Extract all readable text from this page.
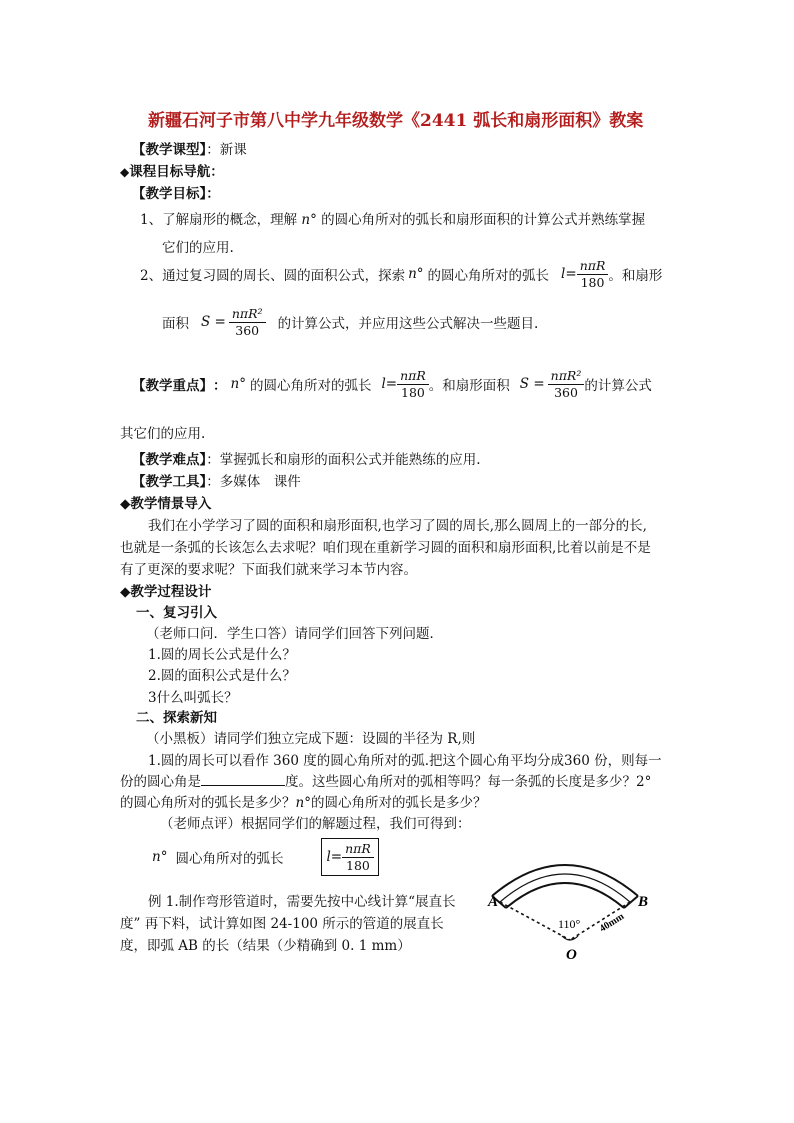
新疆石河子市第八中学九年级数学《2441 弧长和扇形面积》教案
【教学课型】：新课
◆课程目标导航：
【教学目标】：
1、了解扇形的概念，理解 n° 的圆心角所对的弧长和扇形面积的计算公式并熟练掌握
它们的应用.
2、通过复习圆的周长、圆的面积公式，探索 n° 的圆心角所对的弧长 $l= \frac{\text{nπR}}{180}$ 。和扇形
面积 $S = \frac{\text{nπR²}}{360}$ 的计算公式，并应用这些公式解决一些题目.
【教学重点】 ： n° 的圆心角所对的弧长 $l= \frac{\text{nπR}}{180}$ 。和扇形面积 $S = \frac{\text{nπR²}}{360}$ 的计算公式
其它们的应用.
【教学难点】：掌握弧长和扇形的面积公式并能熟练的应用.
【教学工具】：多媒体　课件
◆教学情景导入
我们在小学学习了圆的面积和扇形面积,也学习了圆的周长,那么圆周上的一部分的长,
也就是一条弧的长该怎么去求呢？咱们现在重新学习圆的面积和扇形面积,比着以前是不是
有了更深的要求呢？下面我们就来学习本节内容。
◆教学过程设计
一、复习引入
（老师口问．学生口答）请同学们回答下列问题．
1.圆的周长公式是什么？
2.圆的面积公式是什么？
3什么叫弧长？
二、探索新知
（小黑板）请同学们独立完成下题：设圆的半径为 R,则
1.圆的周长可以看作 360 度的圆心角所对的弧.把这个圆心角平均分成360 份，则每一
份的圆心角是	度。这些圆心角所对的弧相等吗？每一条弧的长度是多少？2°
的圆心角所对的弧长是多少？n°的圆心角所对的弧长是多少？
（老师点评）根据同学们的解题过程，我们可得到：
n° 圆心角所对的弧长	$l= \frac{\text{nπR}}{180}$
例 1.制作弯形管道时，需要先按中心线计算“展直长
度” 再下料，试计算如图 24-100 所示的管道的展直长
度，即弧 AB 的长（结果（少精确到 0. 1 mm）
A	B
O
110° 40mm
